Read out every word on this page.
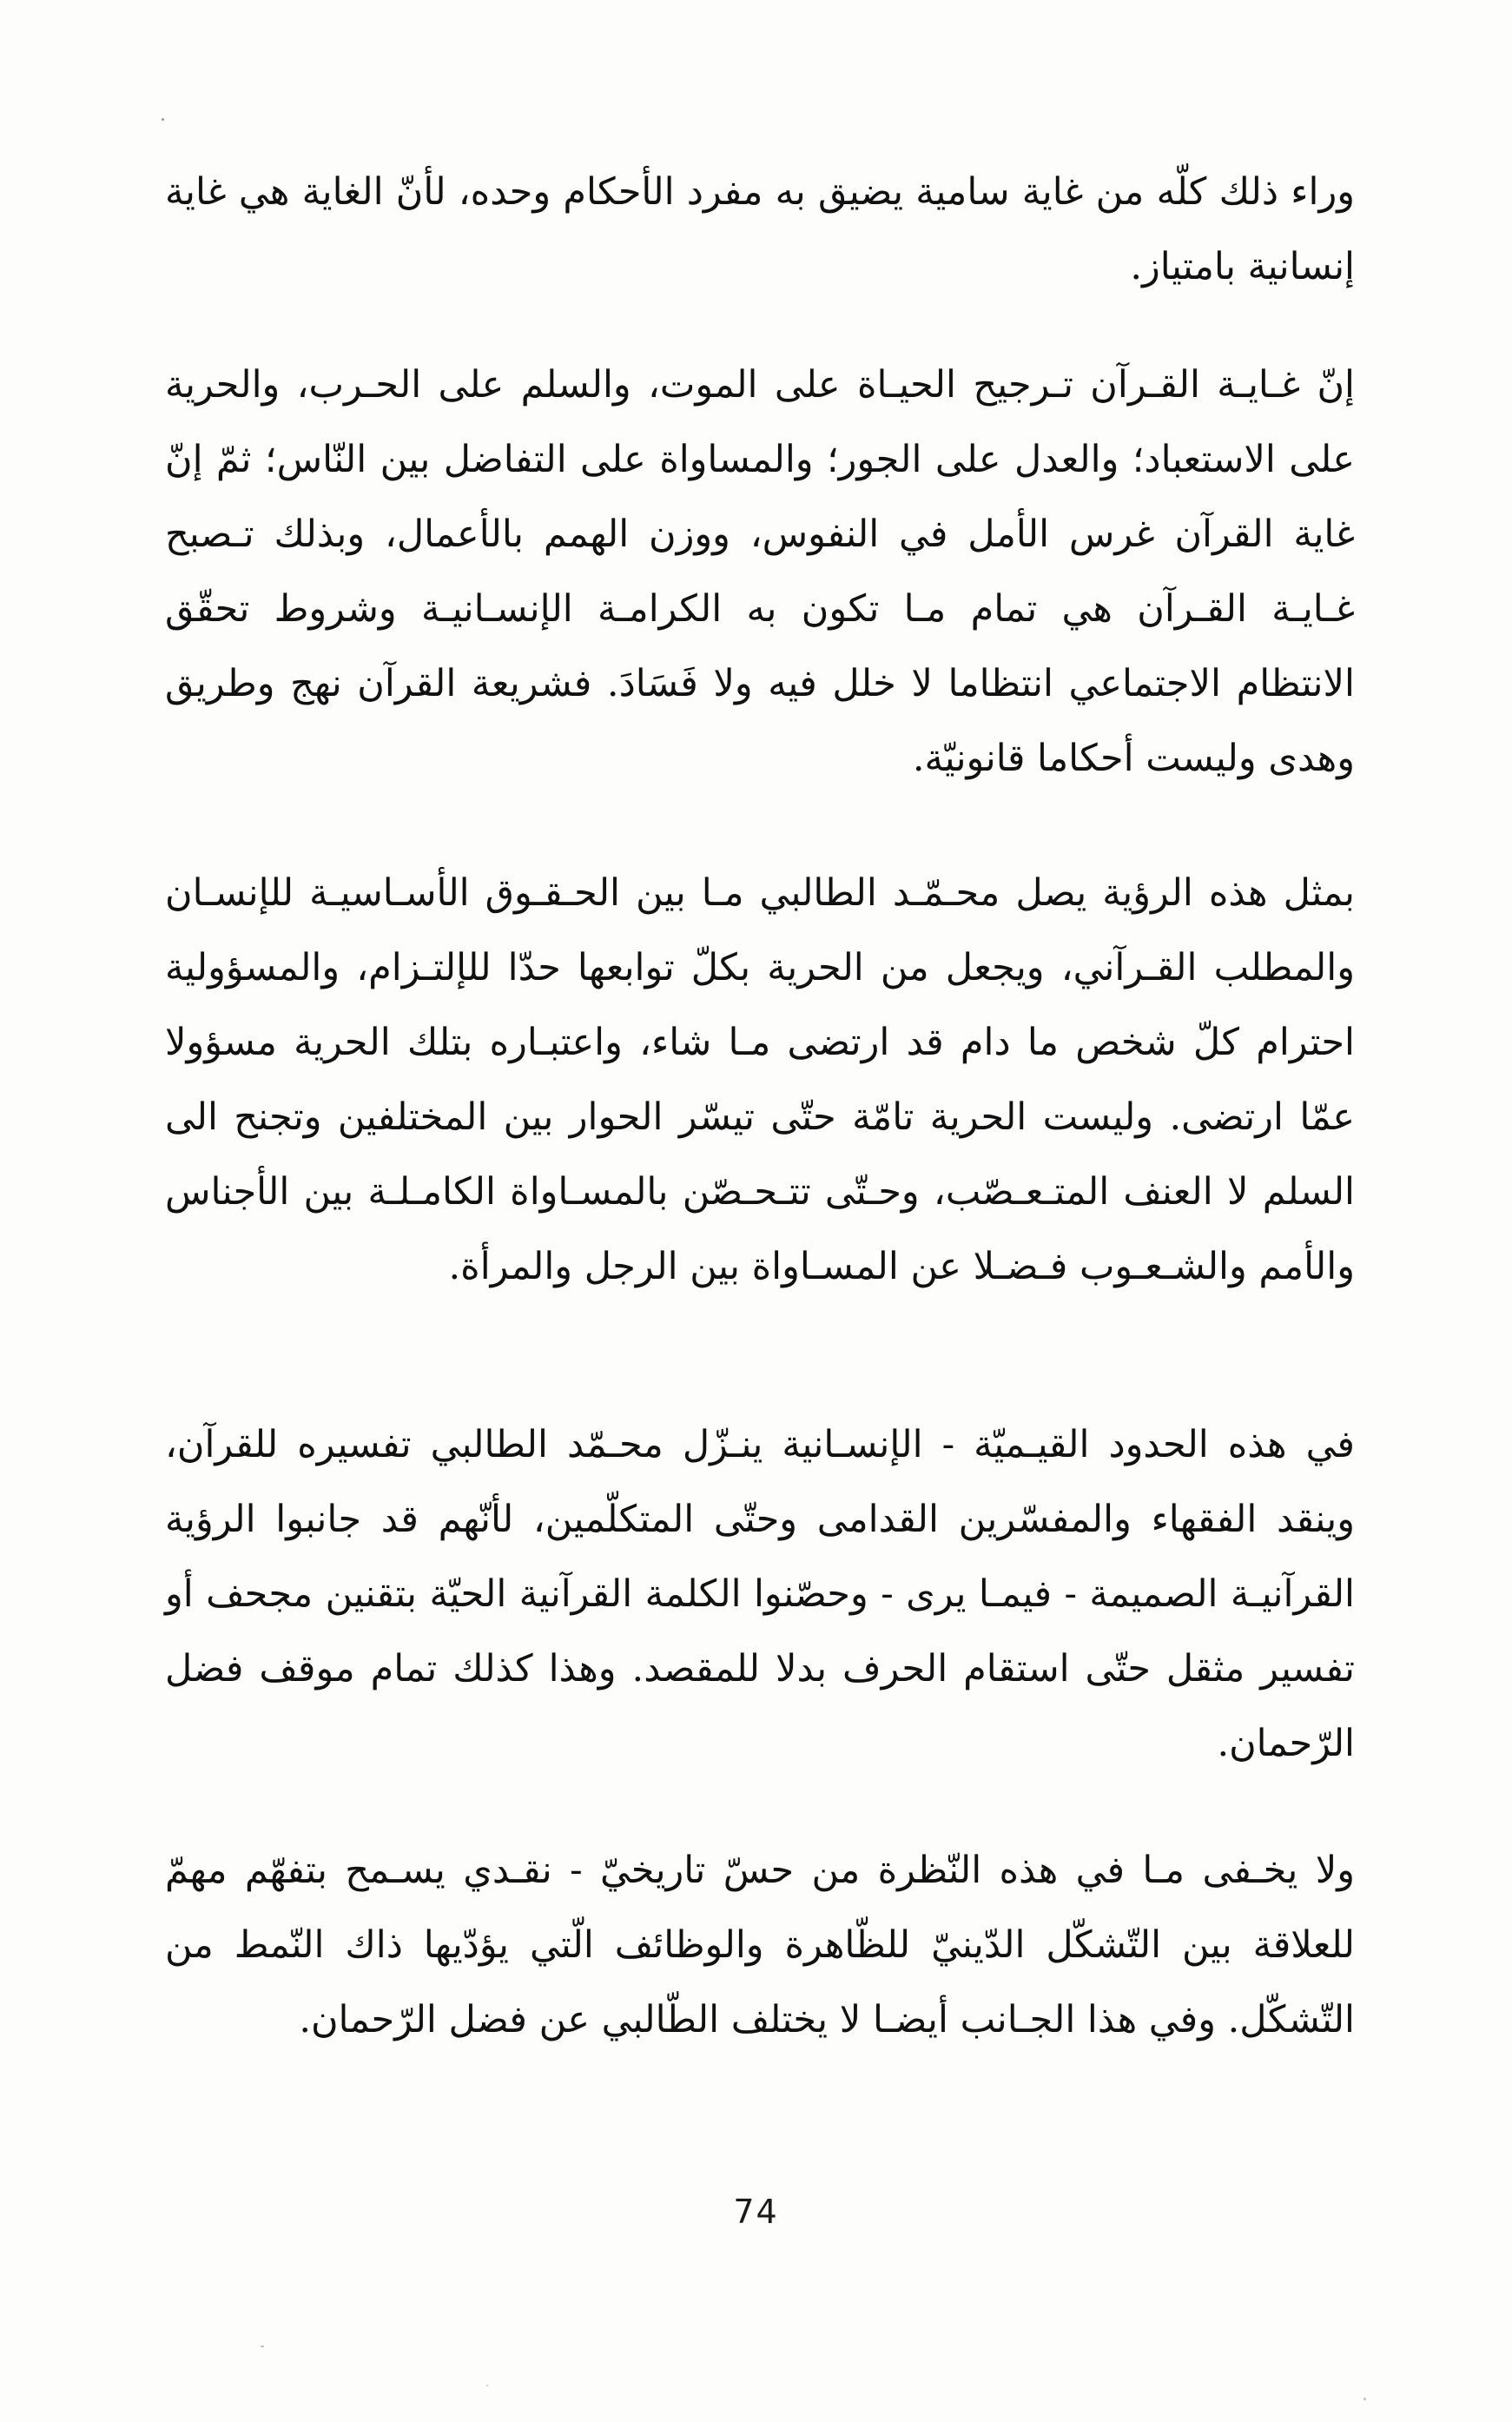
وراء ذلك كلّه من غاية سامية يضيق به مفرد الأحكام وحده، لأنّ الغاية هي غاية إنسانية بامتياز.

إنّ غـايـة القـرآن تـرجيح الحيـاة على الموت، والسلم على الحـرب، والحرية على الاستعباد؛ والعدل على الجور؛ والمساواة على التفاضل بين النّاس؛ ثمّ إنّ غاية القرآن غرس الأمل في النفوس، ووزن الهمم بالأعمال، وبذلك تـصبح غـايـة القـرآن هي تمام مـا تكون به الكرامـة الإنسـانيـة وشروط تحقّق الانتظام الاجتماعي انتظاما لا خلل فيه ولا فَسَادَ. فشريعة القرآن نهج وطريق وهدى وليست أحكاما قانونيّة.

بمثل هذه الرؤية يصل محـمّـد الطالبي مـا بين الحـقـوق الأسـاسيـة للإنسـان والمطلب القـرآني، ويجعل من الحرية بكلّ توابعها حدّا للإلتـزام، والمسؤولية احترام كلّ شخص ما دام قد ارتضى مـا شاء، واعتبـاره بتلك الحرية مسؤولا عمّا ارتضى. وليست الحرية تامّة حتّى تيسّر الحوار بين المختلفين وتجنح الى السلم لا العنف المتـعـصّب، وحـتّى تتـحـصّن بالمسـاواة الكامـلـة بين الأجناس والأمم والشـعـوب فـضـلا عن المسـاواة بين الرجل والمرأة.

في هذه الحدود القيـميّة - الإنسـانية ينـزّل محـمّد الطالبي تفسيره للقرآن، وينقد الفقهاء والمفسّرين القدامى وحتّى المتكلّمين، لأنّهم قد جانبوا الرؤية القرآنيـة الصميمة - فيمـا يرى - وحصّنوا الكلمة القرآنية الحيّة بتقنين مجحف أو تفسير مثقل حتّى استقام الحرف بدلا للمقصد. وهذا كذلك تمام موقف فضل الرّحمان.

ولا يخـفى مـا في هذه النّظرة من حسّ تاريخيّ - نقـدي يسـمح بتفهّم مهمّ للعلاقة بين التّشكّل الدّينيّ للظّاهرة والوظائف الّتي يؤدّيها ذاك النّمط من التّشكّل. وفي هذا الجـانب أيضـا لا يختلف الطّالبي عن فضل الرّحمان.

74
